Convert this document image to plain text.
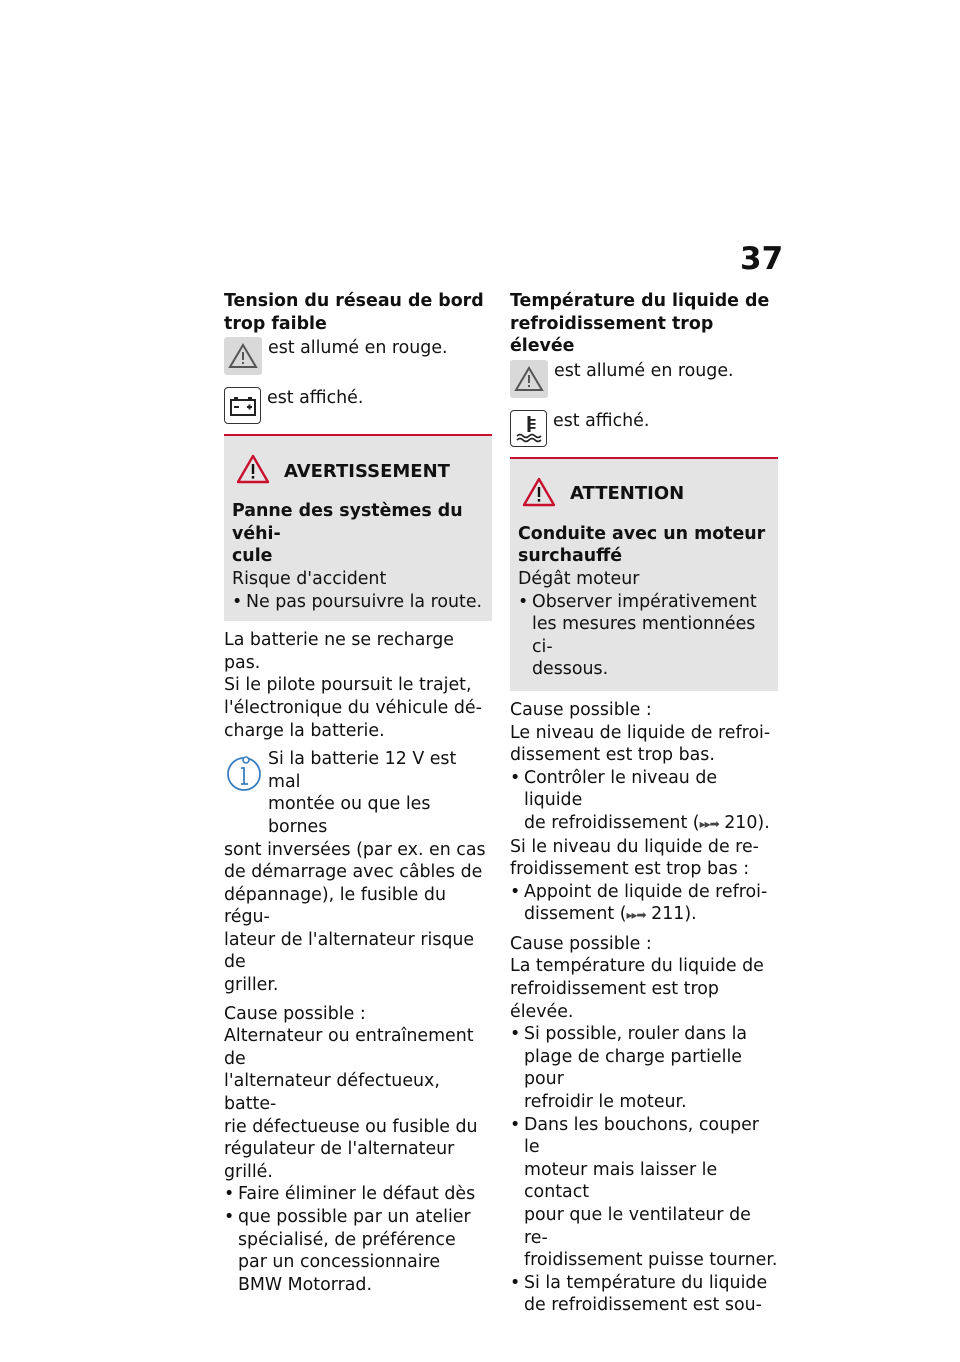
37

Tension du réseau de bord

trop faible

est allumé en rouge.

est affiché.

AVERTISSEMENT

Panne des systèmes du véhi-

cule

Risque d'accident

• Ne pas poursuivre la route.

La batterie ne se recharge pas.

Si le pilote poursuit le trajet,

l'électronique du véhicule dé-

charge la batterie.

Si la batterie 12 V est mal

montée ou que les bornes

sont inversées (par ex. en cas

de démarrage avec câbles de

dépannage), le fusible du régu-

lateur de l'alternateur risque de

griller.

Cause possible :

Alternateur ou entraînement de

l'alternateur défectueux, batte-

rie défectueuse ou fusible du

régulateur de l'alternateur grillé.

• Faire éliminer le défaut dès

• que possible par un atelier

spécialisé, de préférence

par un concessionnaire

BMW Motorrad.

Température du liquide de

refroidissement trop élevée

est allumé en rouge.

est affiché.

ATTENTION

Conduite avec un moteur

surchauffé

Dégât moteur

• Observer impérativement

les mesures mentionnées ci-

dessous.

Cause possible :

Le niveau de liquide de refroi-

dissement est trop bas.

• Contrôler le niveau de liquide

de refroidissement (▸▸➡ 210).

Si le niveau du liquide de re-

froidissement est trop bas :

• Appoint de liquide de refroi-

dissement (▸▸➡ 211).

Cause possible :

La température du liquide de

refroidissement est trop élevée.

• Si possible, rouler dans la

plage de charge partielle pour

refroidir le moteur.

• Dans les bouchons, couper le

moteur mais laisser le contact

pour que le ventilateur de re-

froidissement puisse tourner.

• Si la température du liquide

de refroidissement est sou-
